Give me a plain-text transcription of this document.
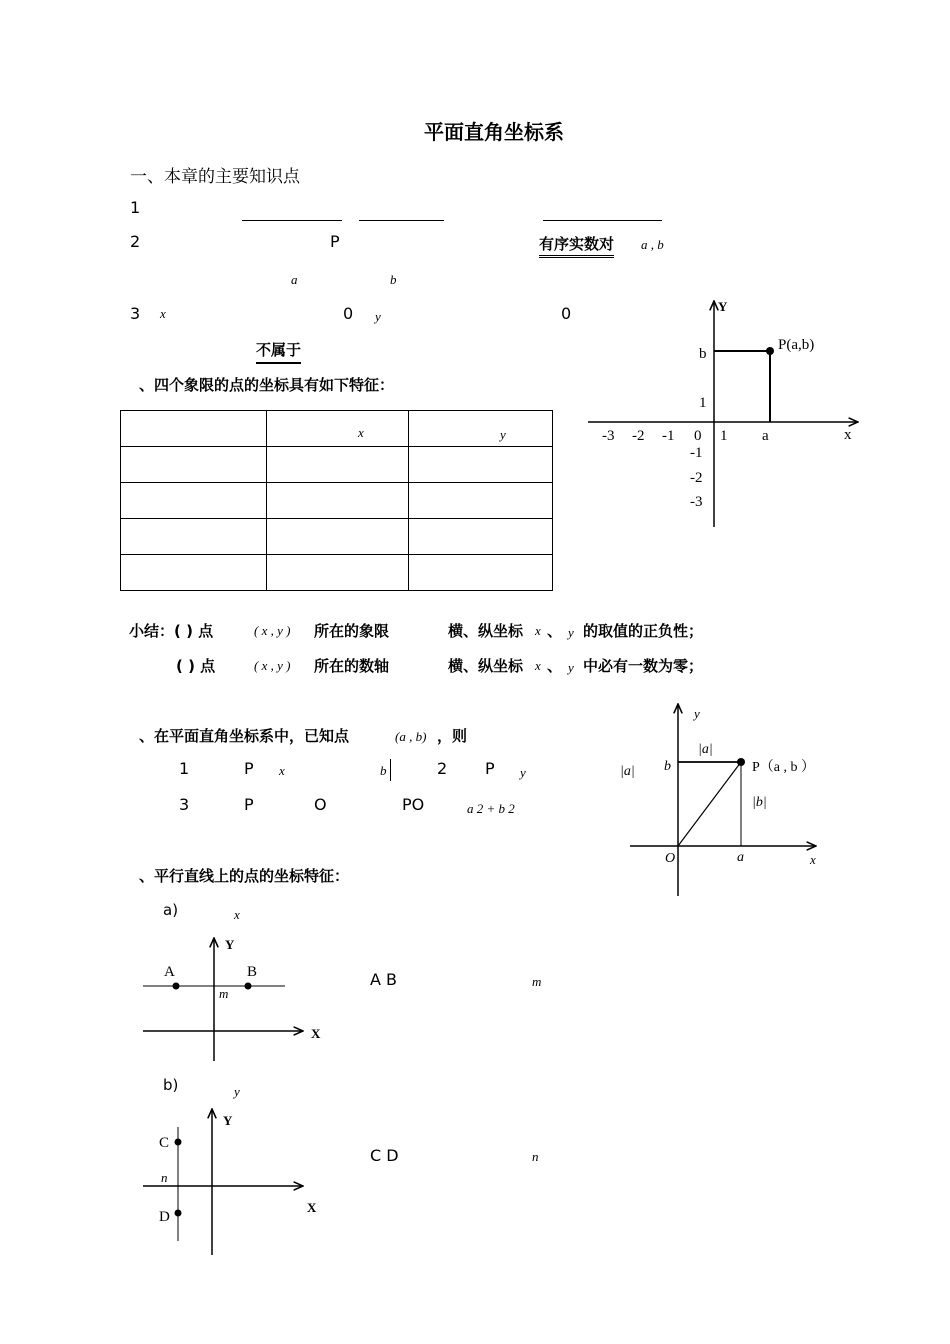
平面直角坐标系
一、本章的主要知识点
1
2	P	有序实数对 a , b
a	b
3 x	0 y	0
不属于
、四个象限的点的坐标具有如下特征：

	x	y

Y
x
P(a,b)
b
a
1
-1
-2
-3
-3 -2 -1 0 1
小结：( ) 点	( x , y ) 所在的象限	横、纵坐标 x 、 y 的取值的正负性；
( ) 点	( x , y ) 所在的数轴	横、纵坐标 x 、 y 中必有一数为零；
、在平面直角坐标系中，已知点	(a , b) ，则
1	P x	b	2 P y
3	P	O	PO	a 2 + b 2
y
x
O	a
b
|a|
|a|
|b|
P（a , b ）
、平行直线上的点的坐标特征：
a)	x
Y
X
A	B
m
A B	m
b)	y
Y
X
C
D
n
C D	n
